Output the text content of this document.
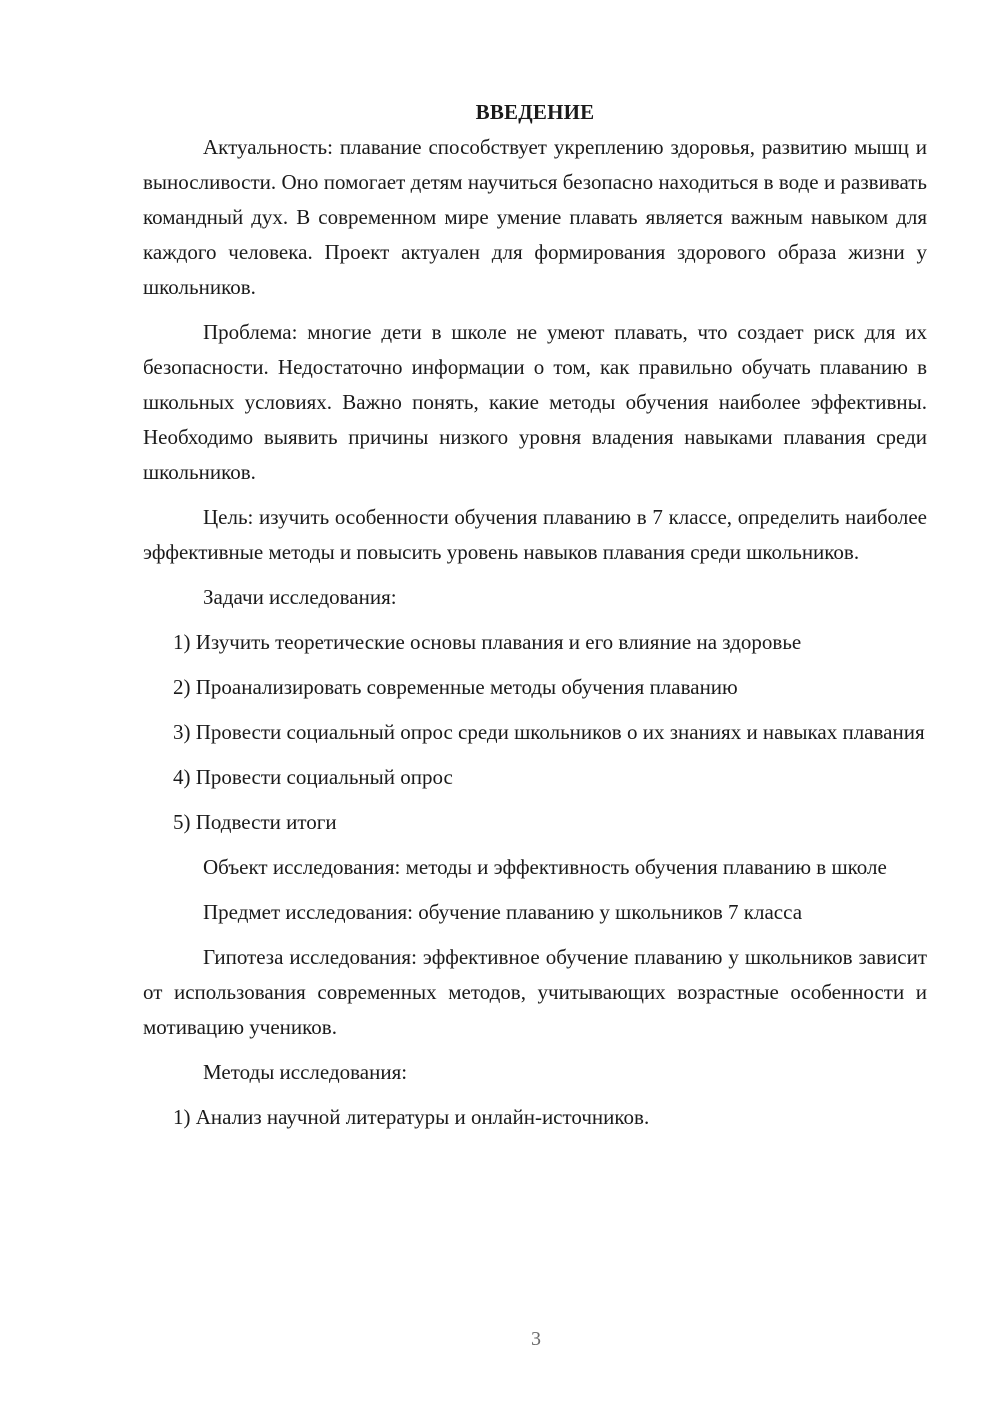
ВВЕДЕНИЕ

Актуальность: плавание способствует укреплению здоровья, развитию мышц и выносливости. Оно помогает детям научиться безопасно находиться в воде и развивать командный дух. В современном мире умение плавать является важным навыком для каждого человека. Проект актуален для формирования здорового образа жизни у школьников.

Проблема: многие дети в школе не умеют плавать, что создает риск для их безопасности. Недостаточно информации о том, как правильно обучать плаванию в школьных условиях. Важно понять, какие методы обучения наиболее эффективны. Необходимо выявить причины низкого уровня владения навыками плавания среди школьников.

Цель: изучить особенности обучения плаванию в 7 классе, определить наиболее эффективные методы и повысить уровень навыков плавания среди школьников.

Задачи исследования:

1) Изучить теоретические основы плавания и его влияние на здоровье

2) Проанализировать современные методы обучения плаванию

3) Провести социальный опрос среди школьников о их знаниях и навыках плавания

4) Провести социальный опрос

5) Подвести итоги

Объект исследования: методы и эффективность обучения плаванию в школе

Предмет исследования: обучение плаванию у школьников 7 класса

Гипотеза исследования: эффективное обучение плаванию у школьников зависит от использования современных методов, учитывающих возрастные особенности и мотивацию учеников.

Методы исследования:

1) Анализ научной литературы и онлайн-источников.

3
